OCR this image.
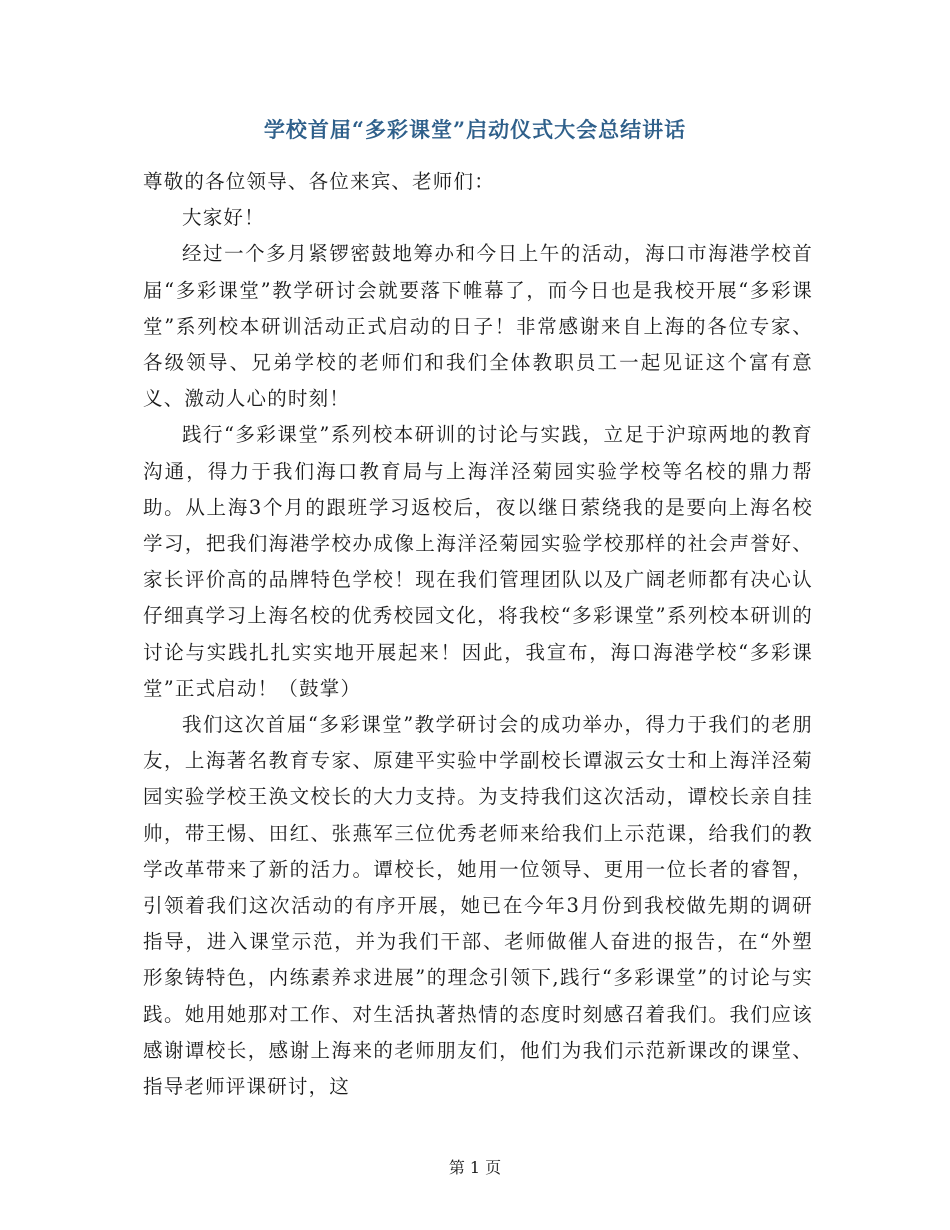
学校首届“多彩课堂”启动仪式大会总结讲话

尊敬的各位领导、各位来宾、老师们：

大家好！

经过一个多月紧锣密鼓地筹办和今日上午的活动，海口市海港学校首届“多彩课堂”教学研讨会就要落下帷幕了，而今日也是我校开展“多彩课堂”系列校本研训活动正式启动的日子！非常感谢来自上海的各位专家、各级领导、兄弟学校的老师们和我们全体教职员工一起见证这个富有意义、激动人心的时刻！

践行“多彩课堂”系列校本研训的讨论与实践，立足于沪琼两地的教育沟通，得力于我们海口教育局与上海洋泾菊园实验学校等名校的鼎力帮助。从上海3个月的跟班学习返校后，夜以继日萦绕我的是要向上海名校学习，把我们海港学校办成像上海洋泾菊园实验学校那样的社会声誉好、家长评价高的品牌特色学校！现在我们管理团队以及广阔老师都有决心认仔细真学习上海名校的优秀校园文化，将我校“多彩课堂”系列校本研训的讨论与实践扎扎实实地开展起来！因此，我宣布，海口海港学校“多彩课堂”正式启动！（鼓掌）

我们这次首届“多彩课堂”教学研讨会的成功举办，得力于我们的老朋友，上海著名教育专家、原建平实验中学副校长谭淑云女士和上海洋泾菊园实验学校王涣文校长的大力支持。为支持我们这次活动，谭校长亲自挂帅，带王惕、田红、张燕军三位优秀老师来给我们上示范课，给我们的教学改革带来了新的活力。谭校长，她用一位领导、更用一位长者的睿智，引领着我们这次活动的有序开展，她已在今年3月份到我校做先期的调研指导，进入课堂示范，并为我们干部、老师做催人奋进的报告，在“外塑形象铸特色，内练素养求进展”的理念引领下,践行“多彩课堂”的讨论与实践。她用她那对工作、对生活执著热情的态度时刻感召着我们。我们应该感谢谭校长，感谢上海来的老师朋友们，他们为我们示范新课改的课堂、指导老师评课研讨，这

第 1 页
